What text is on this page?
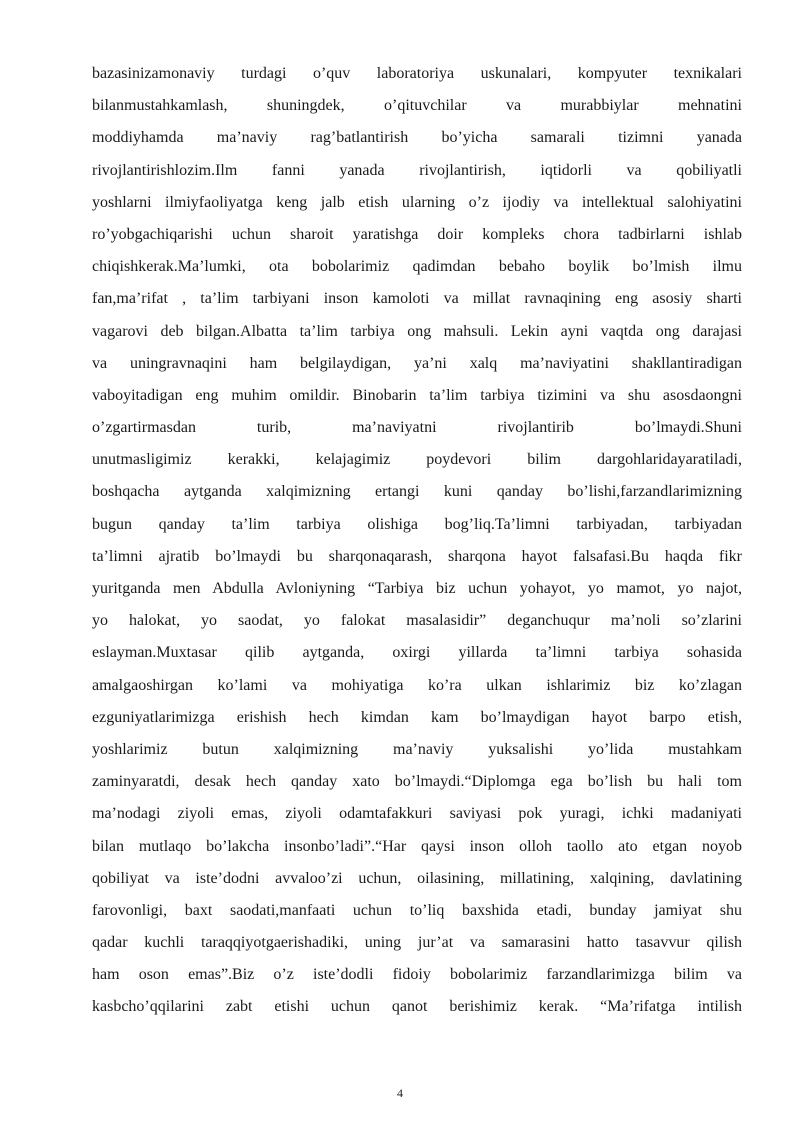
bazasinizamonaviy turdagi o’quv laboratoriya uskunalari, kompyuter texnikalari
bilanmustahkamlash, shuningdek, o’qituvchilar va murabbiylar mehnatini
moddiyhamda ma’naviy rag’batlantirish bo’yicha samarali tizimni yanada
rivojlantirishlozim.Ilm fanni yanada rivojlantirish, iqtidorli va qobiliyatli
yoshlarni ilmiyfaoliyatga keng jalb etish ularning o’z ijodiy va intellektual salohiyatini
ro’yobgachiqarishi uchun sharoit yaratishga doir kompleks chora tadbirlarni ishlab
chiqishkerak.Ma’lumki, ota bobolarimiz qadimdan bebaho boylik bo’lmish ilmu
fan,ma’rifat , ta’lim tarbiyani inson kamoloti va millat ravnaqining eng asosiy sharti
vagarovi deb bilgan.Albatta ta’lim tarbiya ong mahsuli. Lekin ayni vaqtda ong darajasi
va uningravnaqini ham belgilaydigan, ya’ni xalq ma’naviyatini shakllantiradigan
vaboyitadigan eng muhim omildir. Binobarin ta’lim tarbiya tizimini va shu asosdaongni
o’zgartirmasdan turib, ma’naviyatni rivojlantirib bo’lmaydi.Shuni
unutmasligimiz kerakki, kelajagimiz poydevori bilim dargohlaridayaratiladi,
boshqacha aytganda xalqimizning ertangi kuni qanday bo’lishi,farzandlarimizning
bugun qanday ta’lim tarbiya olishiga bog’liq.Ta’limni tarbiyadan, tarbiyadan
ta’limni ajratib bo’lmaydi bu sharqonaqarash, sharqona hayot falsafasi.Bu haqda fikr
yuritganda men Abdulla Avloniyning “Tarbiya biz uchun yohayot, yo mamot, yo najot,
yo halokat, yo saodat, yo falokat masalasidir” deganchuqur ma’noli so’zlarini
eslayman.Muxtasar qilib aytganda, oxirgi yillarda ta’limni tarbiya sohasida
amalgaoshirgan ko’lami va mohiyatiga ko’ra ulkan ishlarimiz biz ko’zlagan
ezguniyatlarimizga erishish hech kimdan kam bo’lmaydigan hayot barpo etish,
yoshlarimiz butun xalqimizning ma’naviy yuksalishi yo’lida mustahkam
zaminyaratdi, desak hech qanday xato bo’lmaydi.“Diplomga ega bo’lish bu hali tom
ma’nodagi ziyoli emas, ziyoli odamtafakkuri saviyasi pok yuragi, ichki madaniyati
bilan mutlaqo bo’lakcha insonbo’ladi”.“Har qaysi inson olloh taollo ato etgan noyob
qobiliyat va iste’dodni avvaloo’zi uchun, oilasining, millatining, xalqining, davlatining
farovonligi, baxt saodati,manfaati uchun to’liq baxshida etadi, bunday jamiyat shu
qadar kuchli taraqqiyotgaerishadiki, uning jur’at va samarasini hatto tasavvur qilish
ham oson emas”.Biz o’z iste’dodli fidoiy bobolarimiz farzandlarimizga bilim va
kasbcho’qqilarini zabt etishi uchun qanot berishimiz kerak. “Ma’rifatga intilish
4
